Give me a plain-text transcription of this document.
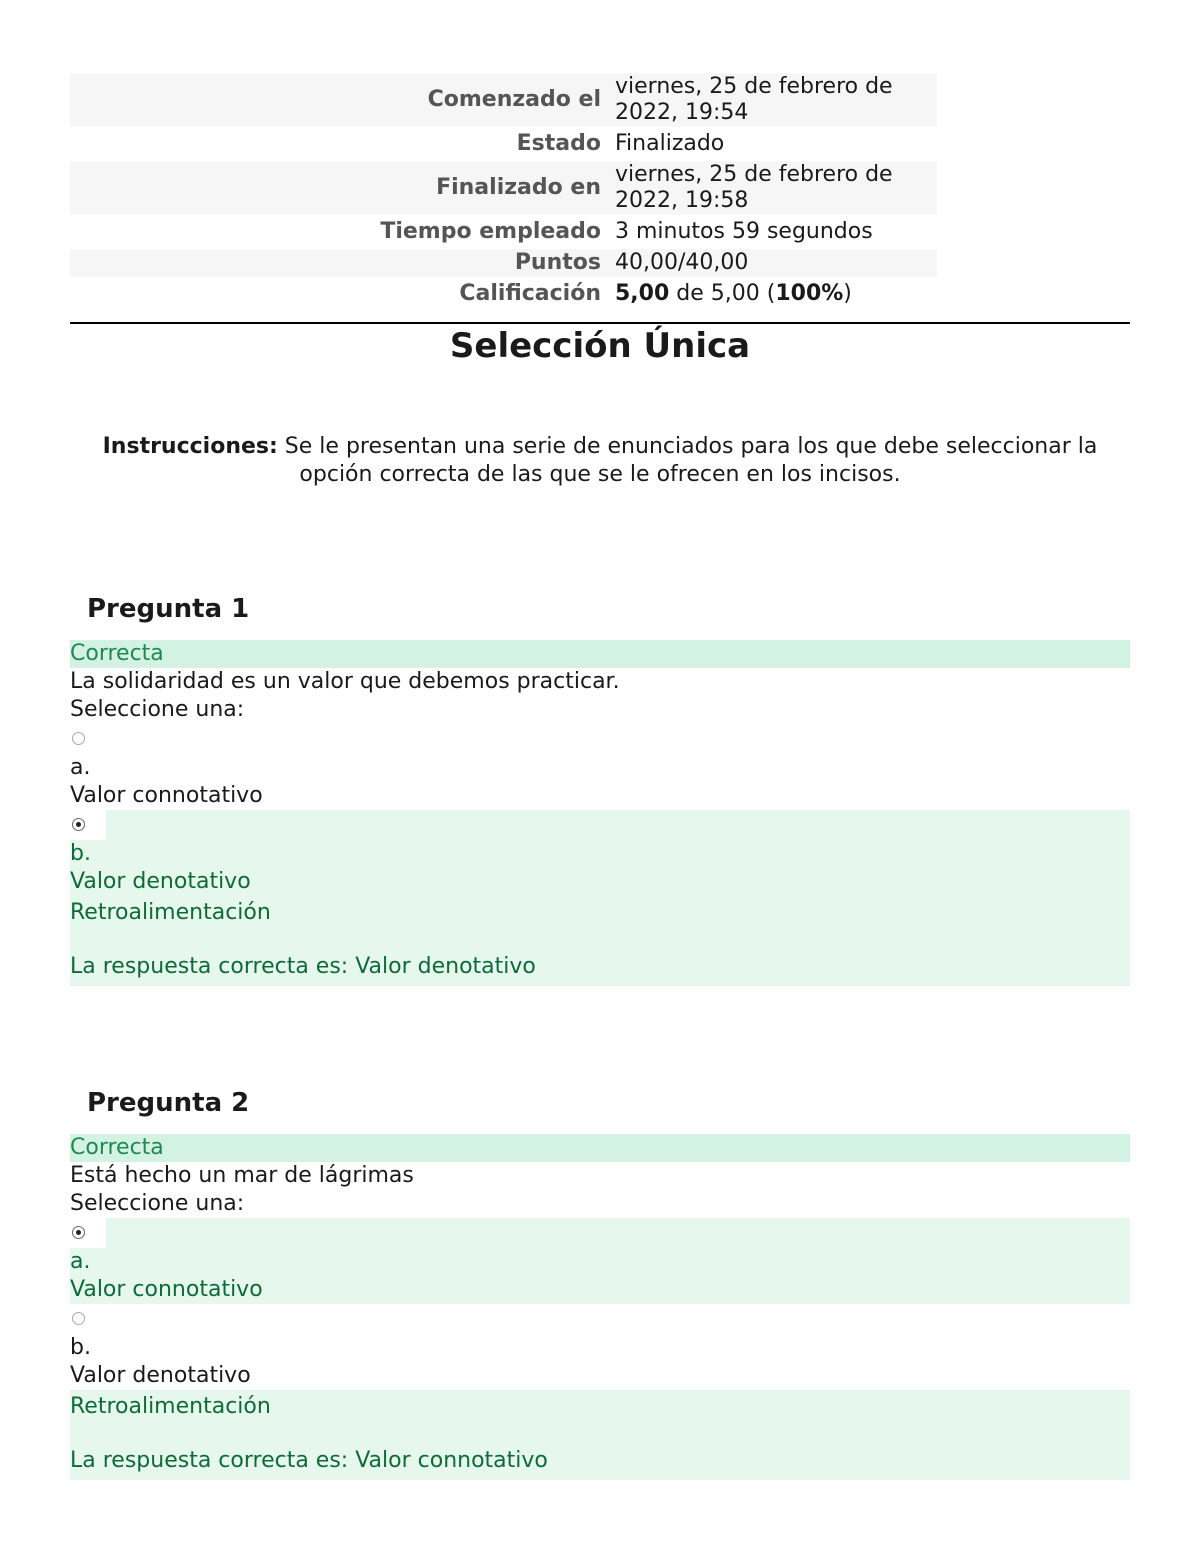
Comenzado el	viernes, 25 de febrero de 2022, 19:54
Estado	Finalizado
Finalizado en	viernes, 25 de febrero de 2022, 19:58
Tiempo empleado	3 minutos 59 segundos
Puntos	40,00/40,00
Calificación	5,00 de 5,00 (100%)
Selección Única
Instrucciones: Se le presentan una serie de enunciados para los que debe seleccionar la opción correcta de las que se le ofrecen en los incisos.
Pregunta 1
Correcta
La solidaridad es un valor que debemos practicar.
Seleccione una:
a.
Valor connotativo
b.
Valor denotativo
Retroalimentación
La respuesta correcta es: Valor denotativo
Pregunta 2
Correcta
Está hecho un mar de lágrimas
Seleccione una:
a.
Valor connotativo
b.
Valor denotativo
Retroalimentación
La respuesta correcta es: Valor connotativo
